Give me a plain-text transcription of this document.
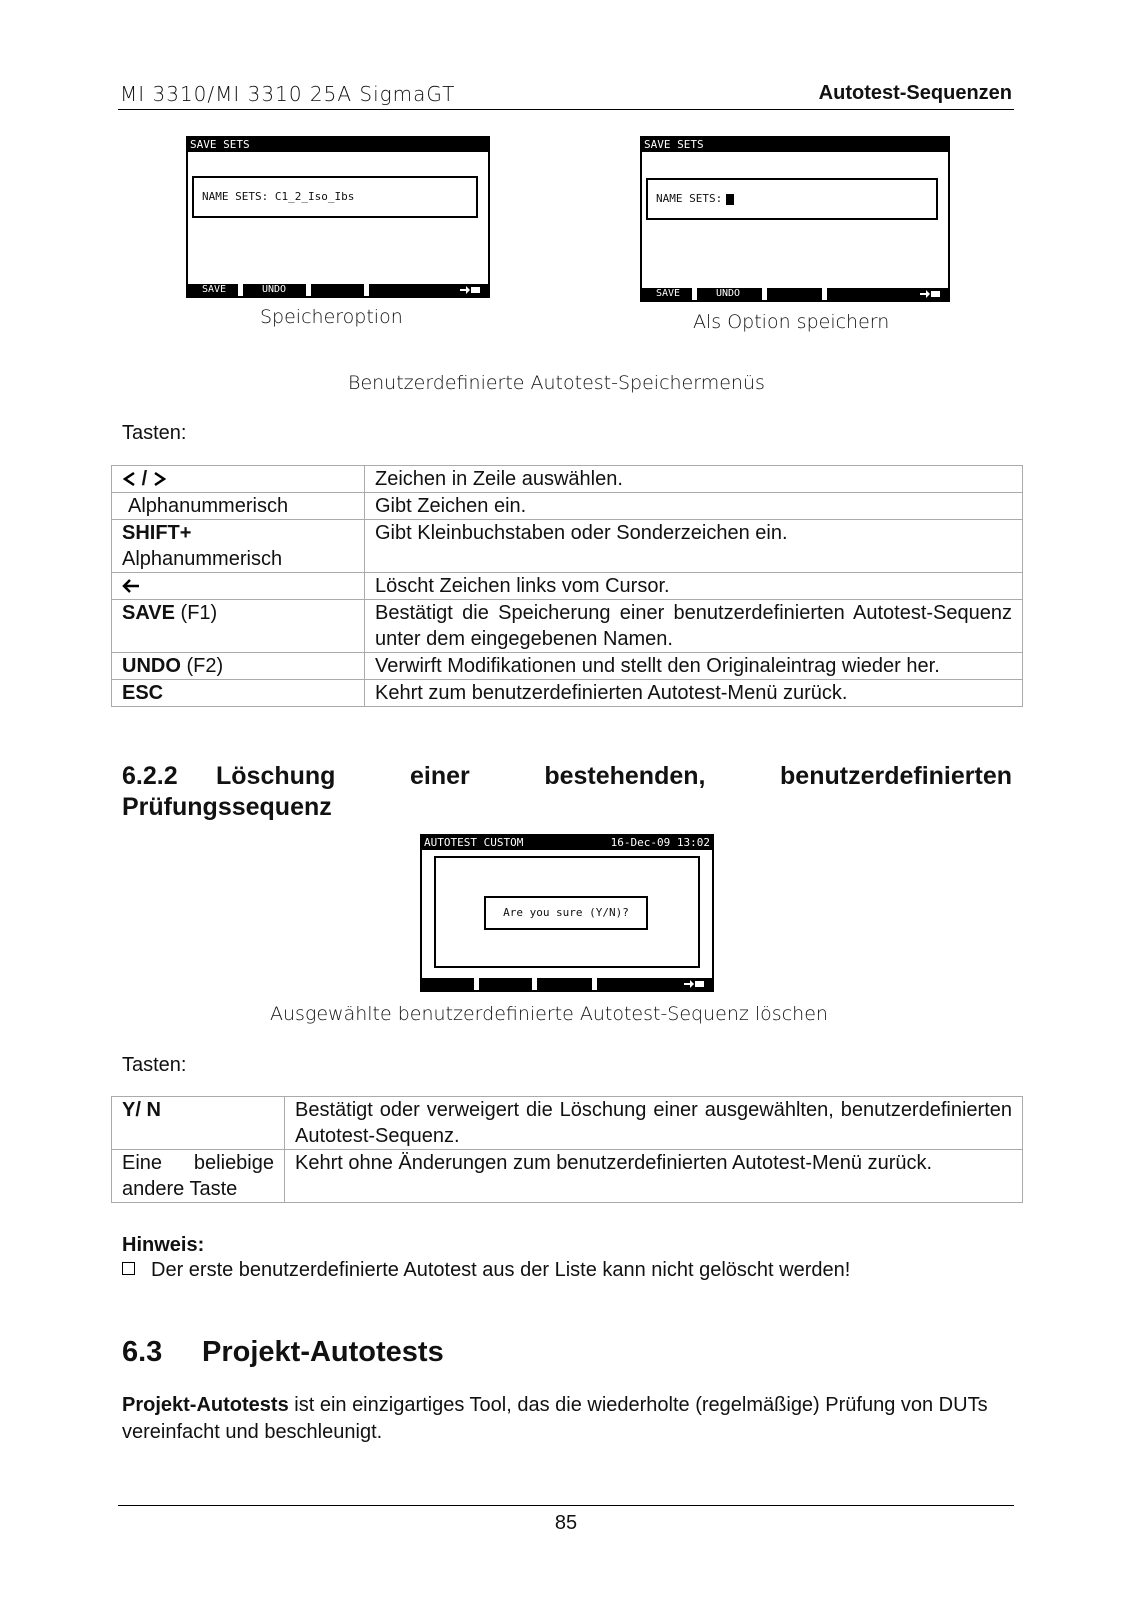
MI 3310/MI 3310 25A SigmaGT	Autotest-Sequenzen
SAVE SETS
NAME SETS: C1_2_Iso_Ibs
SAVE	UNDO
Speicheroption
SAVE SETS
NAME SETS:
SAVE	UNDO
Als Option speichern
Benutzerdefinierte Autotest-Speichermenüs
Tasten:
/	Zeichen in Zeile auswählen.
Alphanummerisch	Gibt Zeichen ein.
SHIFT+
Alphanummerisch	Gibt Kleinbuchstaben oder Sonderzeichen ein.
	Löscht Zeichen links vom Cursor.
SAVE (F1)	Bestätigt die Speicherung einer benutzerdefinierten Autotest-Sequenz unter dem eingegebenen Namen.
UNDO (F2)	Verwirft Modifikationen und stellt den Originaleintrag wieder her.
ESC	Kehrt zum benutzerdefinierten Autotest-Menü zurück.
6.2.2	Löschung einer bestehenden, benutzerdefinierten
Prüfungssequenz
AUTOTEST CUSTOM	16-Dec-09 13:02
Are you sure (Y/N)?
Ausgewählte benutzerdefinierte Autotest-Sequenz löschen
Tasten:
Y/ N	Bestätigt oder verweigert die Löschung einer ausgewählten, benutzerdefinierten Autotest-Sequenz.
Eine beliebige andere Taste	Kehrt ohne Änderungen zum benutzerdefinierten Autotest-Menü zurück.
Hinweis:
Der erste benutzerdefinierte Autotest aus der Liste kann nicht gelöscht werden!
6.3 Projekt-Autotests
Projekt-Autotests ist ein einzigartiges Tool, das die wiederholte (regelmäßige) Prüfung von DUTs vereinfacht und beschleunigt.
85
